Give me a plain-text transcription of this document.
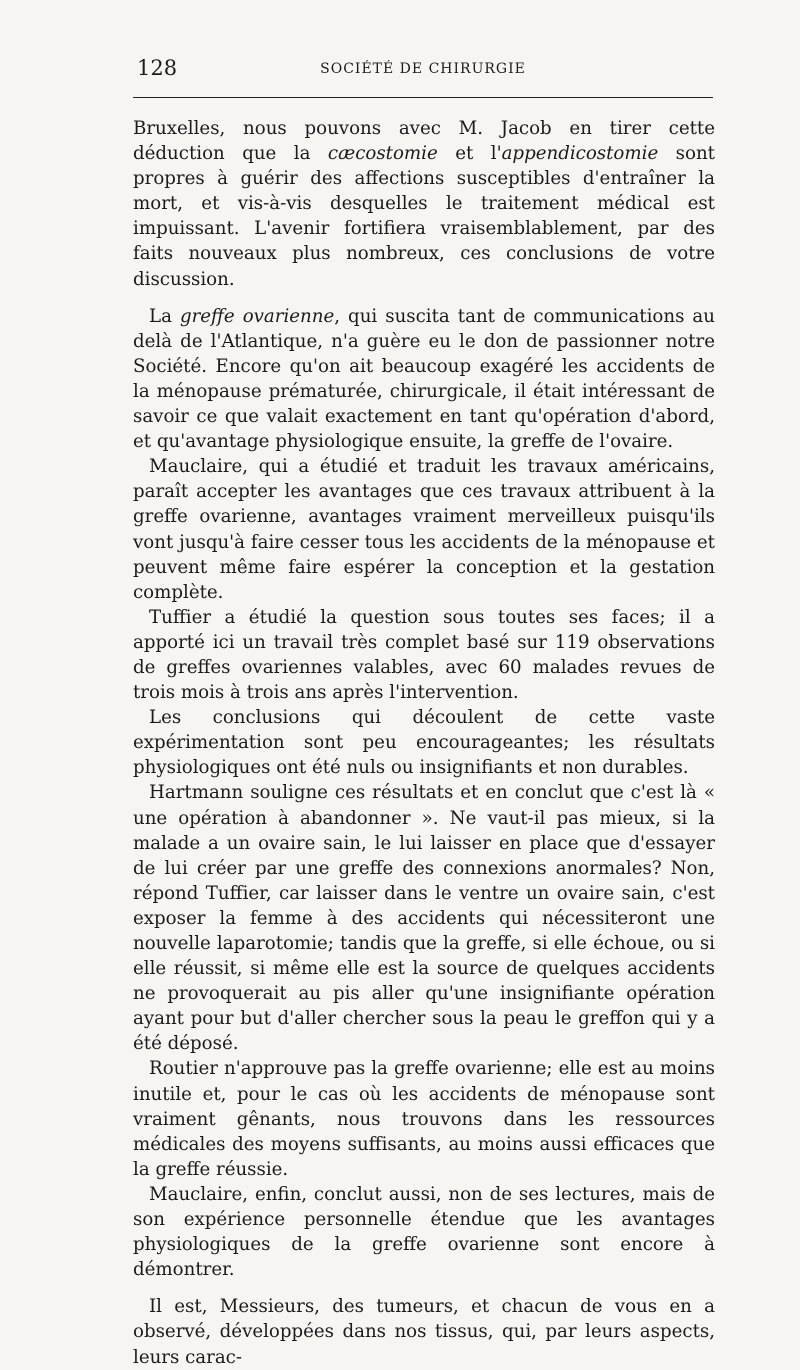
128	SOCIÉTÉ DE CHIRURGIE

Bruxelles, nous pouvons avec M. Jacob en tirer cette déduction que la cæcostomie et l'appendicostomie sont propres à guérir des affections susceptibles d'entraîner la mort, et vis-à-vis desquelles le traitement médical est impuissant. L'avenir fortifiera vraisemblablement, par des faits nouveaux plus nombreux, ces conclusions de votre discussion.

La greffe ovarienne, qui suscita tant de communications au delà de l'Atlantique, n'a guère eu le don de passionner notre Société. Encore qu'on ait beaucoup exagéré les accidents de la ménopause prématurée, chirurgicale, il était intéressant de savoir ce que valait exactement en tant qu'opération d'abord, et qu'avantage physiologique ensuite, la greffe de l'ovaire.

Mauclaire, qui a étudié et traduit les travaux américains, paraît accepter les avantages que ces travaux attribuent à la greffe ovarienne, avantages vraiment merveilleux puisqu'ils vont jusqu'à faire cesser tous les accidents de la ménopause et peuvent même faire espérer la conception et la gestation complète.

Tuffier a étudié la question sous toutes ses faces; il a apporté ici un travail très complet basé sur 119 observations de greffes ovariennes valables, avec 60 malades revues de trois mois à trois ans après l'intervention.

Les conclusions qui découlent de cette vaste expérimentation sont peu encourageantes; les résultats physiologiques ont été nuls ou insignifiants et non durables.

Hartmann souligne ces résultats et en conclut que c'est là « une opération à abandonner ». Ne vaut-il pas mieux, si la malade a un ovaire sain, le lui laisser en place que d'essayer de lui créer par une greffe des connexions anormales? Non, répond Tuffier, car laisser dans le ventre un ovaire sain, c'est exposer la femme à des accidents qui nécessiteront une nouvelle laparotomie; tandis que la greffe, si elle échoue, ou si elle réussit, si même elle est la source de quelques accidents ne provoquerait au pis aller qu'une insignifiante opération ayant pour but d'aller chercher sous la peau le greffon qui y a été déposé.

Routier n'approuve pas la greffe ovarienne; elle est au moins inutile et, pour le cas où les accidents de ménopause sont vraiment gênants, nous trouvons dans les ressources médicales des moyens suffisants, au moins aussi efficaces que la greffe réussie.

Mauclaire, enfin, conclut aussi, non de ses lectures, mais de son expérience personnelle étendue que les avantages physiologiques de la greffe ovarienne sont encore à démontrer.

Il est, Messieurs, des tumeurs, et chacun de vous en a observé, développées dans nos tissus, qui, par leurs aspects, leurs carac-
